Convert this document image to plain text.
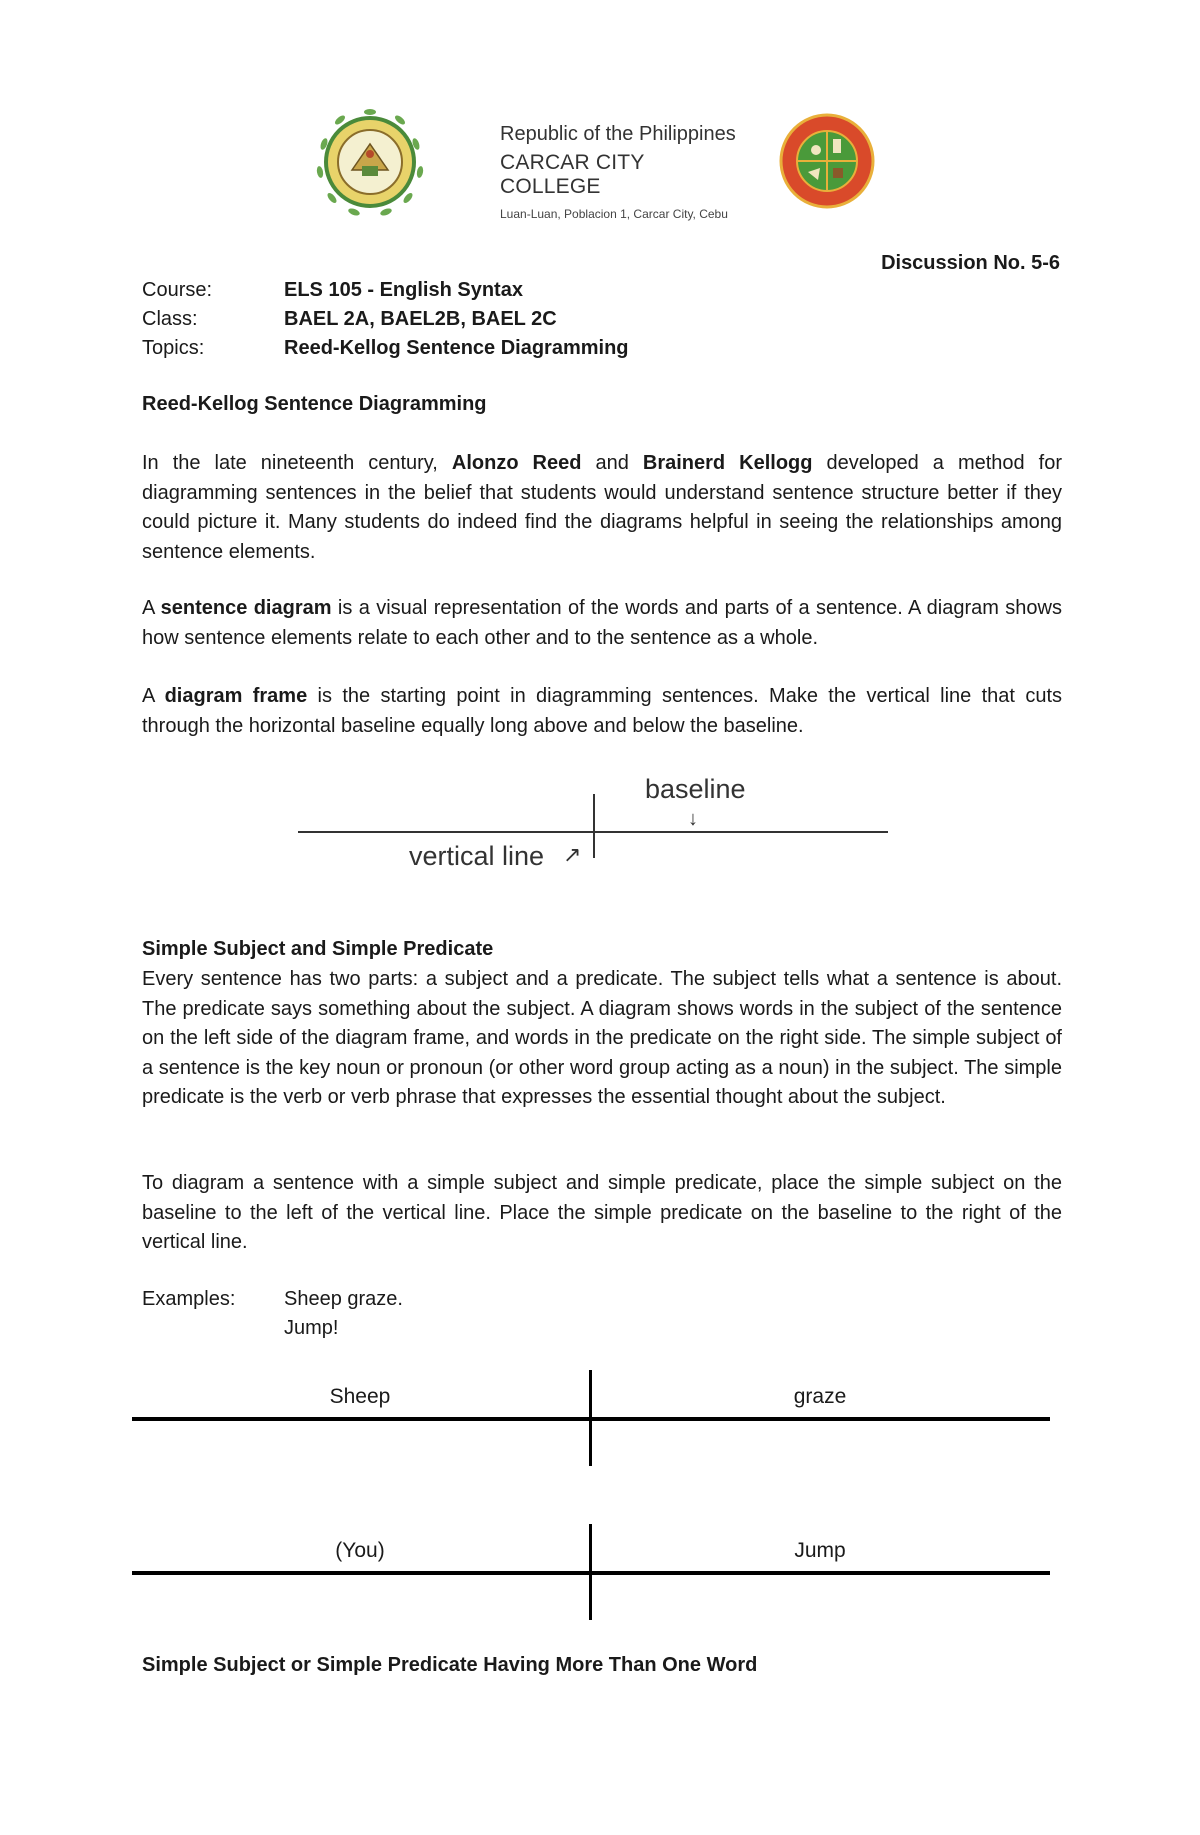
Republic of the Philippines
CARCAR CITY COLLEGE
Luan-Luan, Poblacion 1, Carcar City, Cebu
Discussion No. 5-6
Course:	ELS 105 - English Syntax
Class:	BAEL 2A, BAEL2B, BAEL 2C
Topics:	Reed-Kellog Sentence Diagramming
Reed-Kellog Sentence Diagramming

In the late nineteenth century, Alonzo Reed and Brainerd Kellogg developed a method for diagramming sentences in the belief that students would understand sentence structure better if they could picture it. Many students do indeed find the diagrams helpful in seeing the relationships among sentence elements.

A sentence diagram is a visual representation of the words and parts of a sentence. A diagram shows how sentence elements relate to each other and to the sentence as a whole.

A diagram frame is the starting point in diagramming sentences. Make the vertical line that cuts through the horizontal baseline equally long above and below the baseline.

baseline
↓
vertical line ↗
Simple Subject and Simple Predicate

Every sentence has two parts: a subject and a predicate. The subject tells what a sentence is about. The predicate says something about the subject. A diagram shows words in the subject of the sentence on the left side of the diagram frame, and words in the predicate on the right side. The simple subject of a sentence is the key noun or pronoun (or other word group acting as a noun) in the subject. The simple predicate is the verb or verb phrase that expresses the essential thought about the subject.

To diagram a sentence with a simple subject and simple predicate, place the simple subject on the baseline to the left of the vertical line. Place the simple predicate on the baseline to the right of the vertical line.

Examples: Sheep graze.
Jump!
Sheep	graze
(You)	Jump
Simple Subject or Simple Predicate Having More Than One Word
